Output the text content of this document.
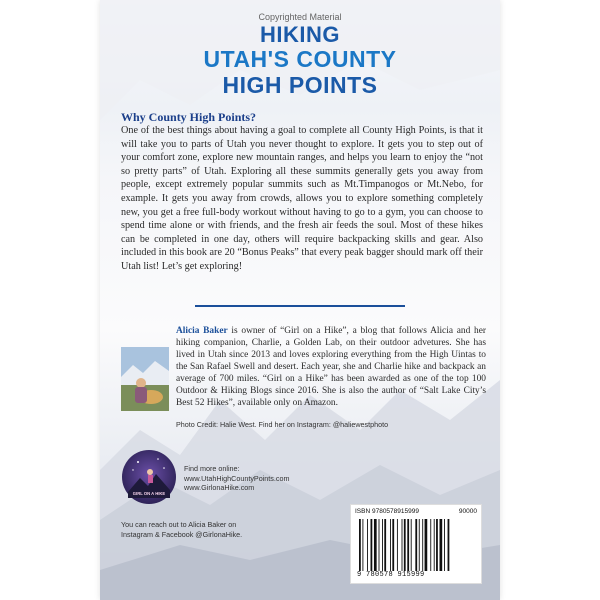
Copyrighted Material
HIKING
UTAH'S COUNTY
HIGH POINTS
Why County High Points?
One of the best things about having a goal to complete all County High Points, is that it will take you to parts of Utah you never thought to explore. It gets you to step out of your comfort zone, explore new mountain ranges, and helps you learn to enjoy the “not so pretty parts” of Utah. Exploring all these summits generally gets you away from people, except extremely popular summits such as Mt.Timpanogos or Mt.Nebo, for example. It gets you away from crowds, allows you to explore something completely new, you get a free full-body workout without having to go to a gym, you can choose to spend time alone or with friends, and the fresh air feeds the soul. Most of these hikes can be completed in one day, others will require backpacking skills and gear. Also included in this book are 20 “Bonus Peaks” that every peak bagger should mark off their Utah list! Let’s get exploring!
Alicia Baker is owner of “Girl on a Hike”, a blog that follows Alicia and her hiking companion, Charlie, a Golden Lab, on their outdoor advetures. She has lived in Utah since 2013 and loves exploring everything from the High Uintas to the San Rafael Swell and desert. Each year, she and Charlie hike and backpack an average of 700 miles. “Girl on a Hike” has been awarded as one of the top 100 Outdoor & Hiking Blogs since 2016. She is also the author of “Salt Lake City’s Best 52 Hikes”, available only on Amazon.
Photo Credit: Halie West. Find her on Instagram: @haliewestphoto
GIRL ON A HIKE
Find more online:
www.UtahHighCountyPoints.com
www.GirlonaHike.com
You can reach out to Alicia Baker on
Instagram & Facebook @GirlonaHike.
ISBN 9780578915999	90000
9 780578 915999
